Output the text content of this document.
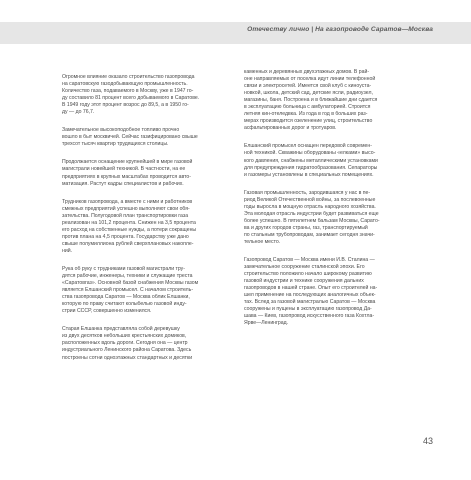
Отечеству лично | На газопроводе Саратов—Москва
Огромное влияние оказало строительство газопровода
на саратовскую газодобывающую промышленность.
Количество газа, подаваемого в Москву, уже в 1947 го-
ду составило 81 процент всего добываемого в Саратове.
В 1949 году этот процент возрос до 89,5, а в 1950 го-
ду — до 76,7.
Замечательное высокоподобное топливо прочно
вошло в быт москвичей. Сейчас газифицировано свыше
трехсот тысяч квартир трудящихся столицы.
Продолжается оснащение крупнейшей в мире газовой
магистрали новейшей техникой. В частности, на ее
предприятиях в крупных масштабах проводится авто-
матизация. Растут кадры специалистов и рабочих.
Трудников газопровода, а вместе с ними и работников
смежных предприятий успешно выполняют свои обя-
зательства. Полугодовой план транспортировки газа
реализован на 101,2 процента. Снижен на 3,5 процента
его расход на собственные нужды, а потери сокращены
против плана на 4,5 процента. Государству уже дано
свыше полумиллиона рублей сверхплановых накопле-
ний.
Рука об руку с трудниками газовой магистрали тру-
дятся рабочие, инженеры, техники и служащие треста
«Саратовгаз». Основной базой снабжения Москвы газом
является Елшанский промысел. С началом строитель-
ства газопровода Саратов — Москва облик Елшанки,
которую по праву считают колыбелью газовой инду-
стрии СССР, совершенно изменился.
Старая Елшанка представляла собой деревушку
из двух десятков небольших крестьянских домиков,
расположенных вдоль дороги. Сегодня она — центр
индустриального Ленинского района Саратова. Здесь
построены сотни одноэтажных стандартных и десятки
каменных и деревянных двухэтажных домов. В рай-
оне направляемых от поселка идут линии телефонной
связи и электросетей. Имеется свой клуб с киноуста-
новкой, школа, детский сад, детские ясли, радиоузел,
магазины, баня. Построена и в ближайшие дни сдается
в эксплуатацию больница с амбулаторией. Строится
летняя кин-отеледвка. Из года в год в больших раз-
мерах производится озеленение улиц, строительство
асфальтированных дорог и тротуаров.
Елшанский промысел оснащен передовой современ-
ной техникой. Скважины оборудованы «елками» высо-
кого давления, снабжены металлическими установками
для предупреждения гидратообразования. Сепараторы
и газомеры установлены в специальных помещениях.
Газовая промышленность, зародившаяся у нас в пе-
риод Великой Отечественной войны, за послевоенные
годы выросла в мощную отрасль народного хозяйства.
Эта молодая отрасль индустрии будет развиваться еще
более успешно. В пятилетнем бальзам Москвы, Сарато-
ва и других городов страны, газ, транспортируемый
по стальным трубопроводам, занимает сегодня значи-
тельное место.
Газопровод Саратов — Москва имени И.В. Сталина —
замечательное сооружение сталинской эпохи. Его
строительство положило начало широкому развитию
газовой индустрии и технике сооружения дальних
газопроводов в нашей стране. Опыт его строителей на-
шел применение на последующих аналогичных объек-
тах. Вслед за газовой магистралью Саратов — Москва
сооружены и пущены в эксплуатацию газопровод Да-
шава — Киев, газопровод искусственного газа Кохтла-
Ярве—Ленинград.
43
